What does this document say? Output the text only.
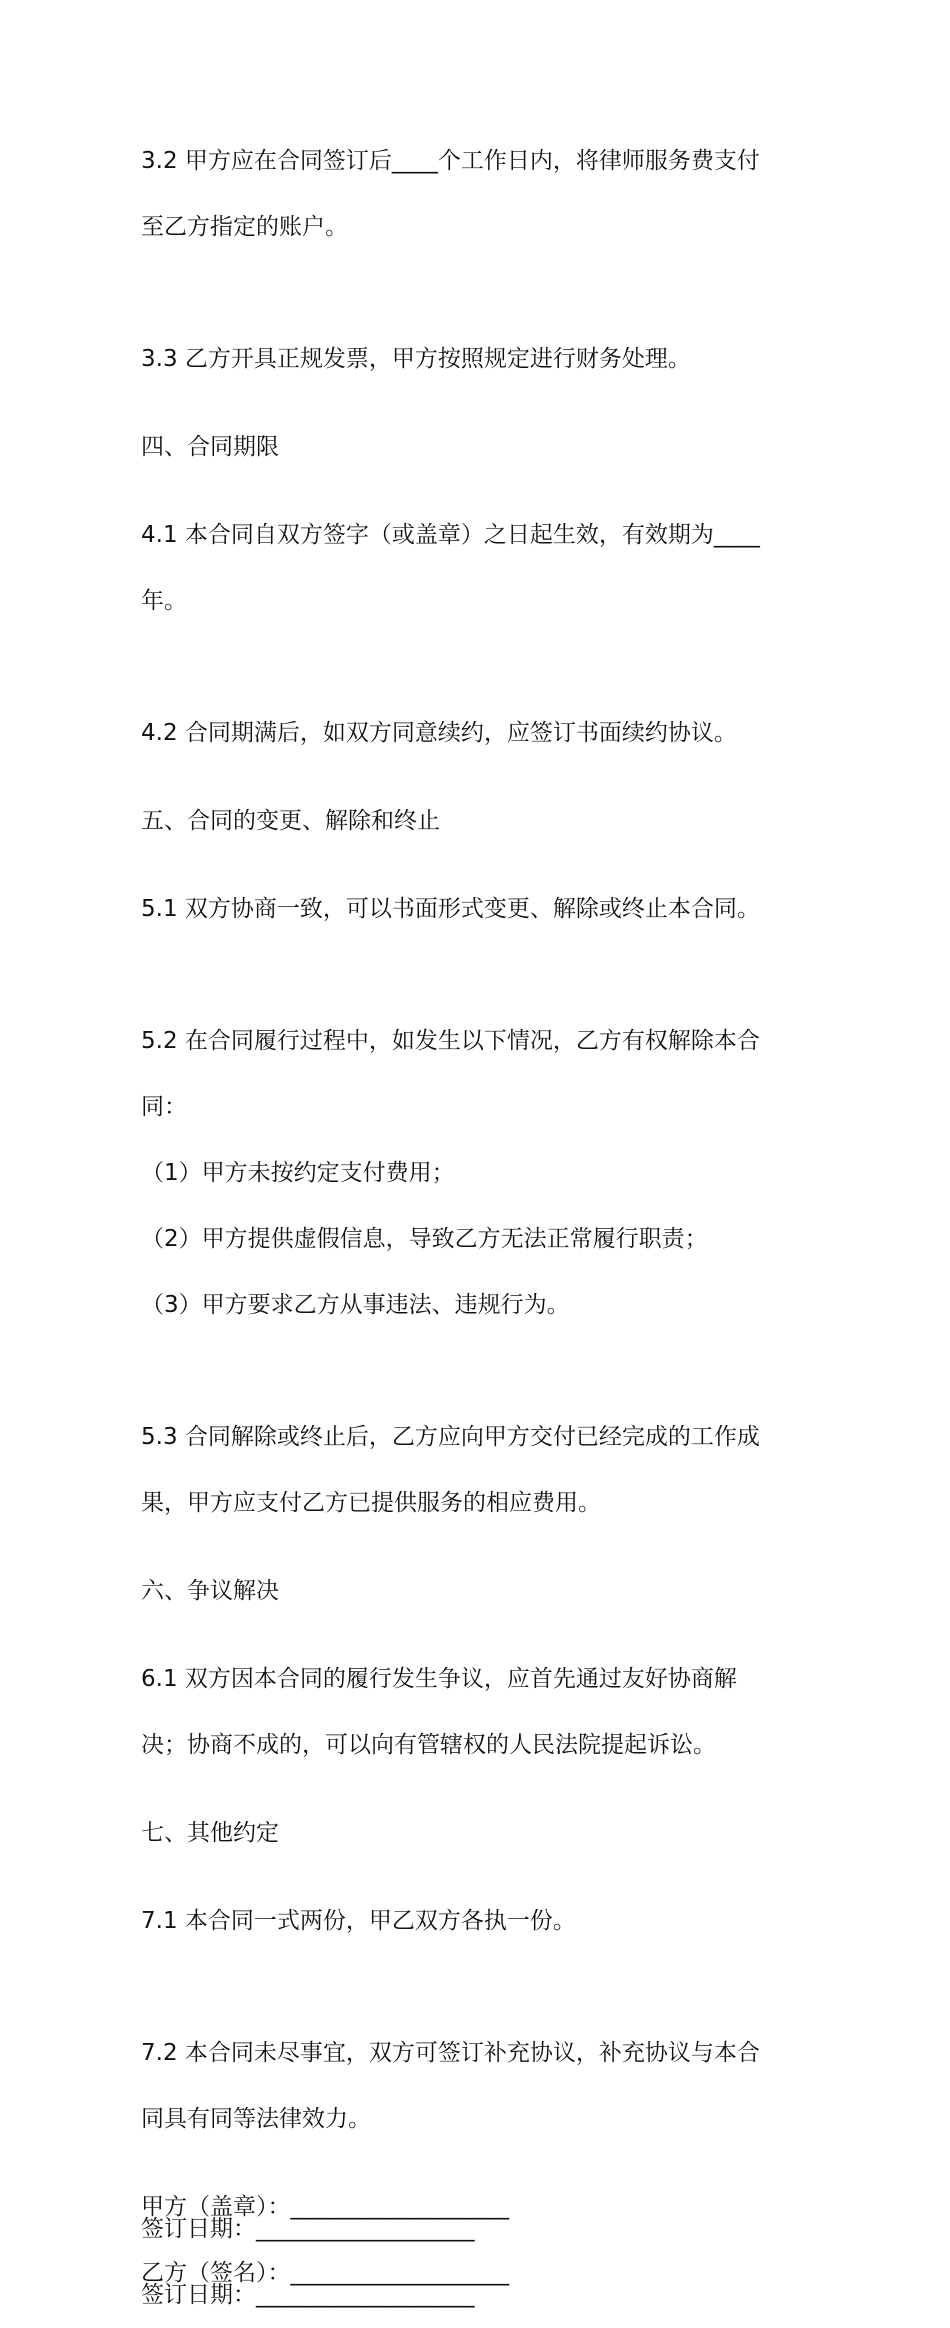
3.2 甲方应在合同签订后____个工作日内，将律师服务费支付

至乙方指定的账户。

3.3 乙方开具正规发票，甲方按照规定进行财务处理。

四、合同期限

4.1 本合同自双方签字（或盖章）之日起生效，有效期为____

年。

4.2 合同期满后，如双方同意续约，应签订书面续约协议。

五、合同的变更、解除和终止

5.1 双方协商一致，可以书面形式变更、解除或终止本合同。

5.2 在合同履行过程中，如发生以下情况，乙方有权解除本合

同：

（1）甲方未按约定支付费用；

（2）甲方提供虚假信息，导致乙方无法正常履行职责；

（3）甲方要求乙方从事违法、违规行为。

5.3 合同解除或终止后，乙方应向甲方交付已经完成的工作成

果，甲方应支付乙方已提供服务的相应费用。

六、争议解决

6.1 双方因本合同的履行发生争议，应首先通过友好协商解

决；协商不成的，可以向有管辖权的人民法院提起诉讼。

七、其他约定

7.1 本合同一式两份，甲乙双方各执一份。

7.2 本合同未尽事宜，双方可签订补充协议，补充协议与本合

同具有同等法律效力。

甲方（盖章）：___________________
签订日期：___________________
乙方（签名）：___________________
签订日期：___________________
